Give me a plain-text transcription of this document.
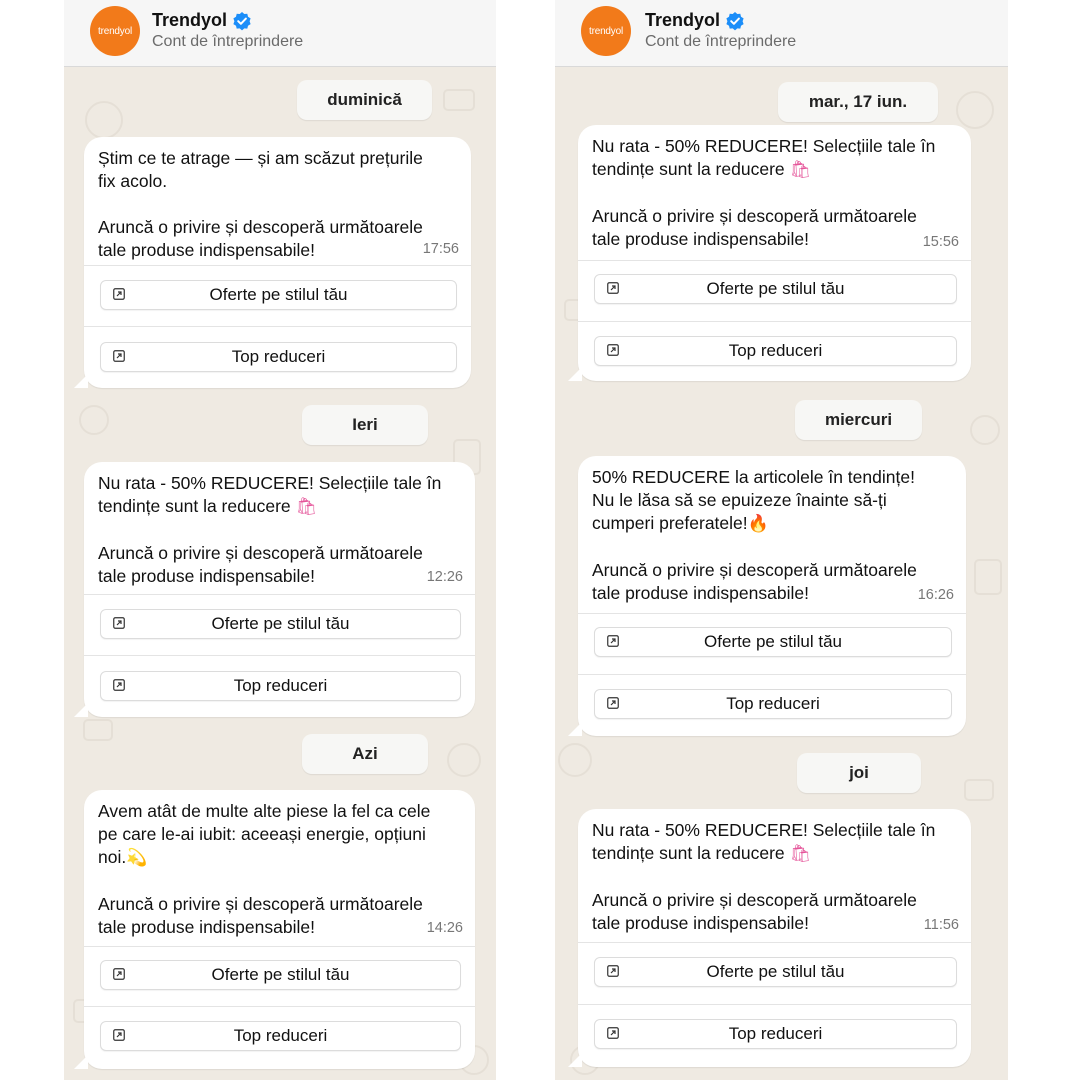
trendyol
Trendyol
Cont de întreprindere
duminică
Știm ce te atrage — și am scăzut prețurile
fix acolo.
Aruncă o privire și descoperă următoarele
tale produse indispensabile!	17:56
Oferte pe stilul tău
Top reduceri
Ieri
Nu rata - 50% REDUCERE! Selecțiile tale în
tendințe sunt la reducere 🛍
Aruncă o privire și descoperă următoarele
tale produse indispensabile!	12:26
Oferte pe stilul tău
Top reduceri
Azi
Avem atât de multe alte piese la fel ca cele
pe care le-ai iubit: aceeași energie, opțiuni
noi.💫
Aruncă o privire și descoperă următoarele
tale produse indispensabile!	14:26
Oferte pe stilul tău
Top reduceri
trendyol
Trendyol
Cont de întreprindere
mar., 17 iun.
Nu rata - 50% REDUCERE! Selecțiile tale în
tendințe sunt la reducere 🛍
Aruncă o privire și descoperă următoarele
tale produse indispensabile!	15:56
Oferte pe stilul tău
Top reduceri
miercuri
50% REDUCERE la articolele în tendințe!
Nu le lăsa să se epuizeze înainte să-ți
cumperi preferatele!🔥
Aruncă o privire și descoperă următoarele
tale produse indispensabile!	16:26
Oferte pe stilul tău
Top reduceri
joi
Nu rata - 50% REDUCERE! Selecțiile tale în
tendințe sunt la reducere 🛍
Aruncă o privire și descoperă următoarele
tale produse indispensabile!	11:56
Oferte pe stilul tău
Top reduceri
